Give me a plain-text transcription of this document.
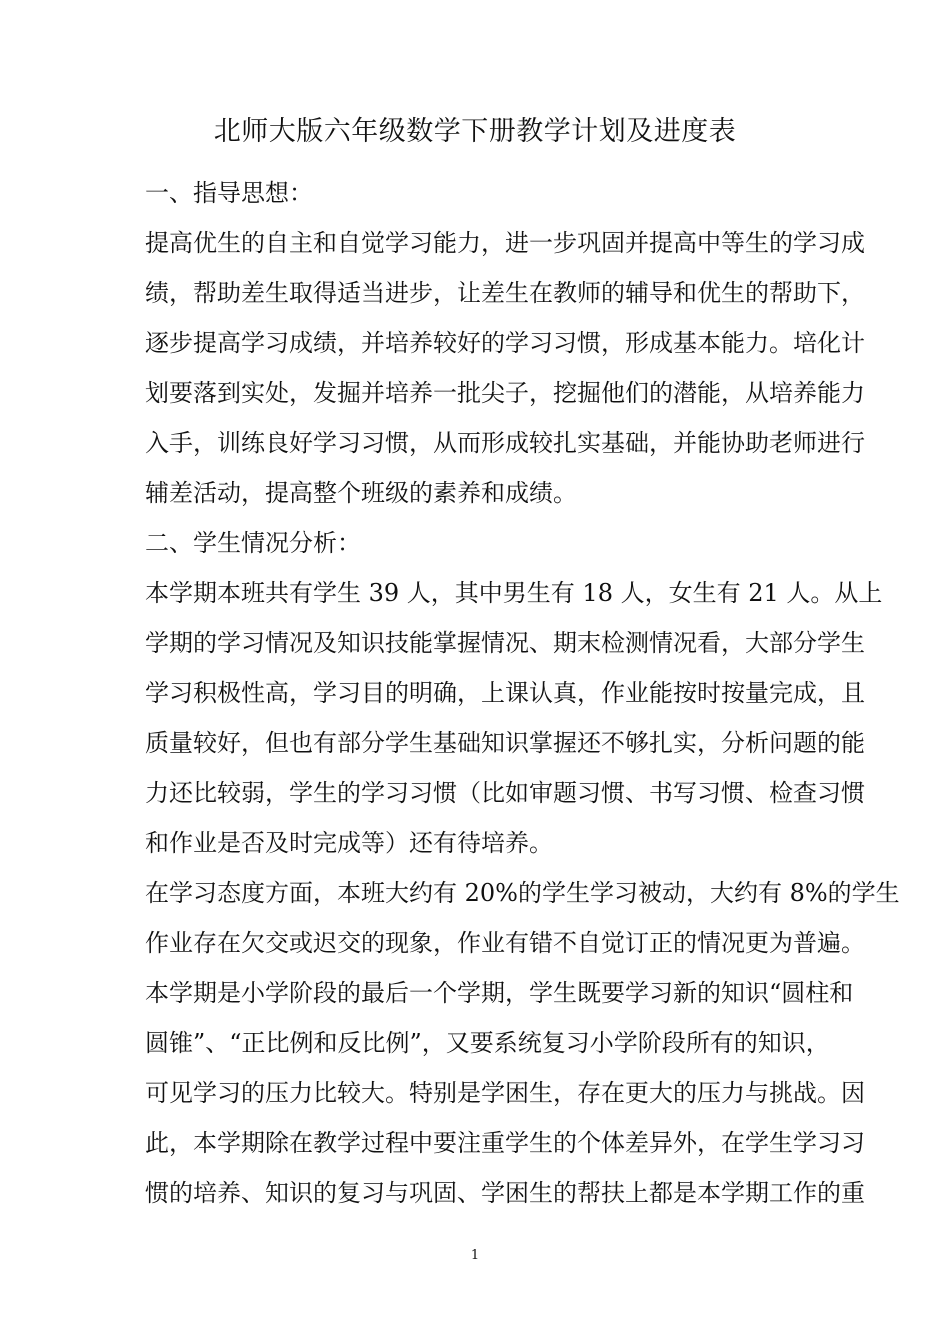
北师大版六年级数学下册教学计划及进度表
一、指导思想：
提高优生的自主和自觉学习能力，进一步巩固并提高中等生的学习成
绩，帮助差生取得适当进步，让差生在教师的辅导和优生的帮助下，
逐步提高学习成绩，并培养较好的学习习惯，形成基本能力。培化计
划要落到实处，发掘并培养一批尖子，挖掘他们的潜能，从培养能力
入手，训练良好学习习惯，从而形成较扎实基础，并能协助老师进行
辅差活动，提高整个班级的素养和成绩。
二、学生情况分析：
本学期本班共有学生 39 人，其中男生有 18 人，女生有 21 人。从上
学期的学习情况及知识技能掌握情况、期末检测情况看，大部分学生
学习积极性高，学习目的明确，上课认真，作业能按时按量完成，且
质量较好，但也有部分学生基础知识掌握还不够扎实，分析问题的能
力还比较弱，学生的学习习惯（比如审题习惯、书写习惯、检查习惯
和作业是否及时完成等）还有待培养。
在学习态度方面，本班大约有 20%的学生学习被动，大约有 8%的学生
作业存在欠交或迟交的现象，作业有错不自觉订正的情况更为普遍。
本学期是小学阶段的最后一个学期，学生既要学习新的知识“圆柱和
圆锥”、“正比例和反比例”，又要系统复习小学阶段所有的知识，
可见学习的压力比较大。特别是学困生，存在更大的压力与挑战。因
此，本学期除在教学过程中要注重学生的个体差异外，在学生学习习
惯的培养、知识的复习与巩固、学困生的帮扶上都是本学期工作的重
1
